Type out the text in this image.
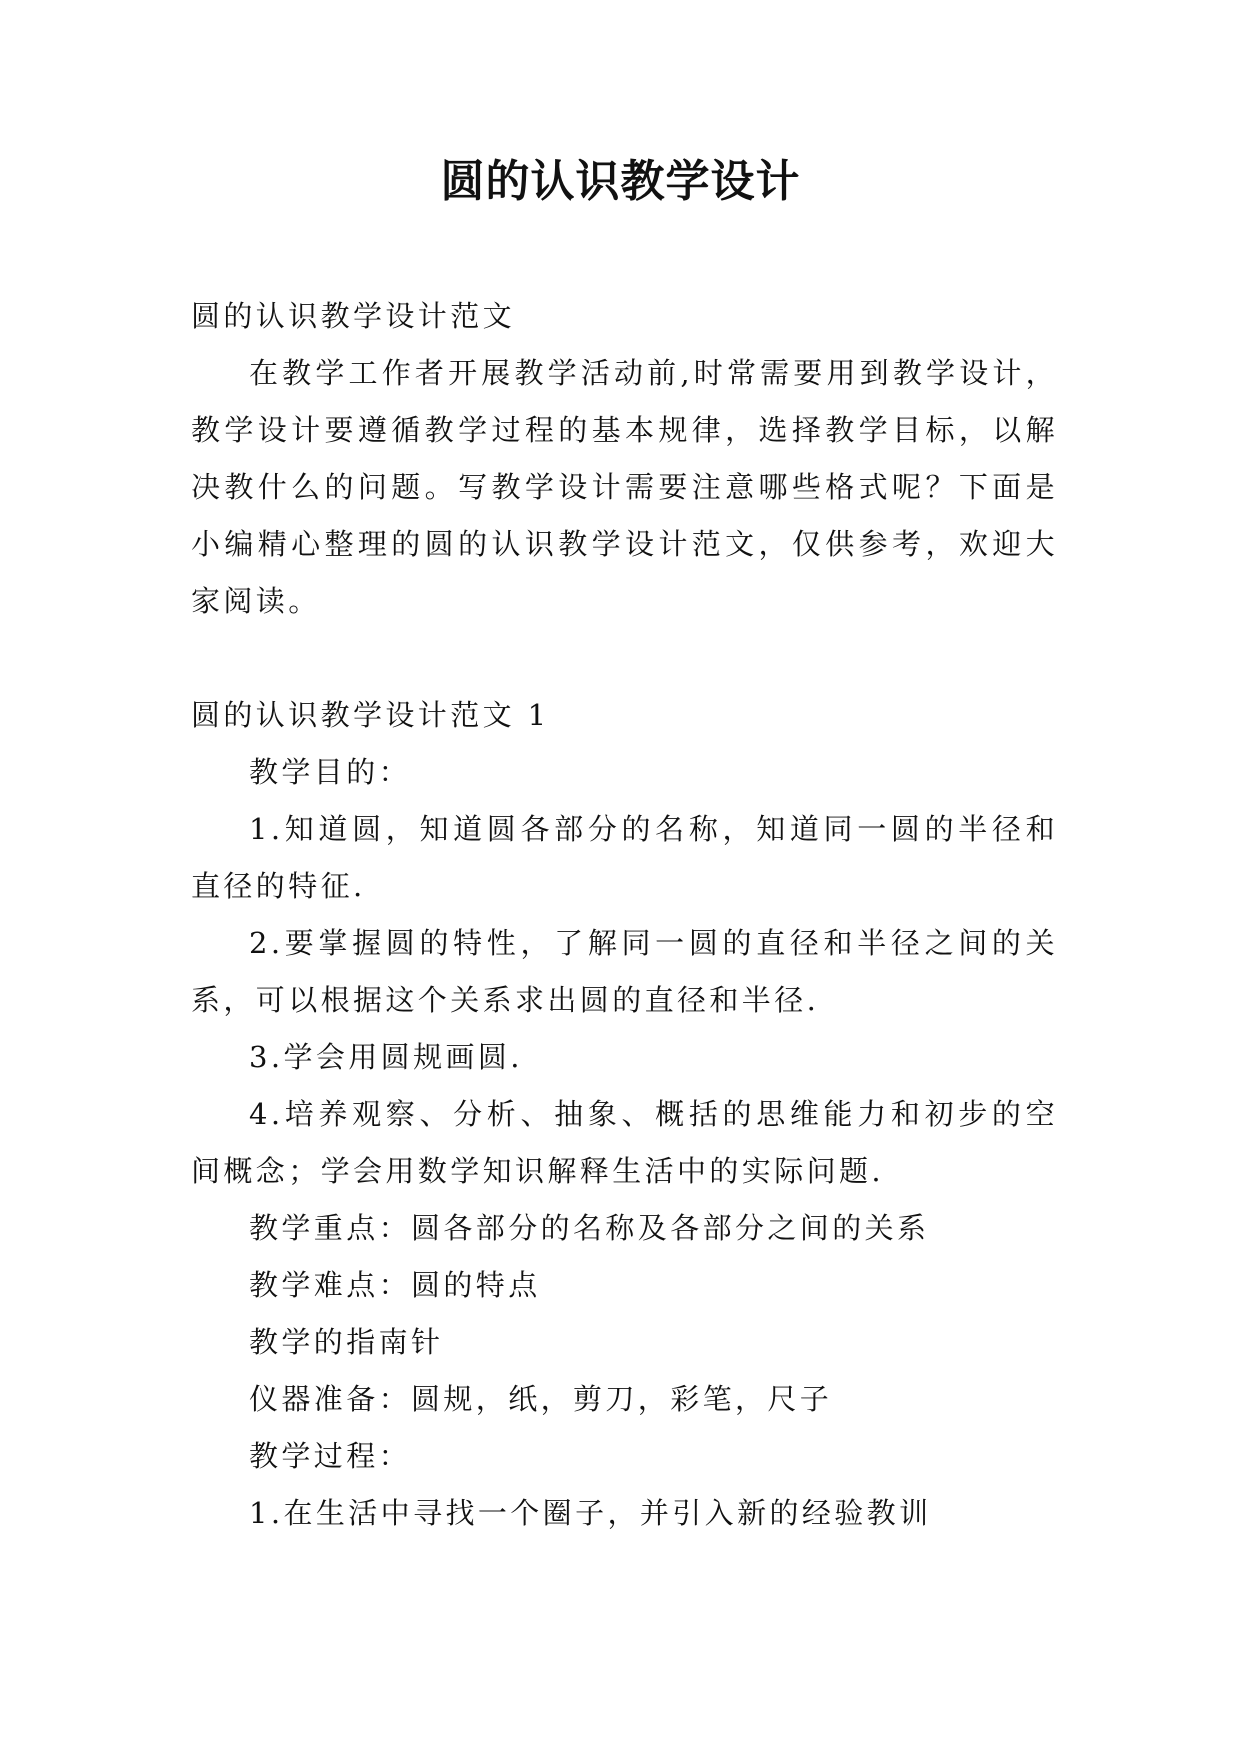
圆的认识教学设计

圆的认识教学设计范文

在教学工作者开展教学活动前,时常需要用到教学设计，教学设计要遵循教学过程的基本规律，选择教学目标，以解决教什么的问题。写教学设计需要注意哪些格式呢？下面是小编精心整理的圆的认识教学设计范文，仅供参考，欢迎大家阅读。

圆的认识教学设计范文 1

教学目的：

1.知道圆，知道圆各部分的名称，知道同一圆的半径和直径的特征.

2.要掌握圆的特性，了解同一圆的直径和半径之间的关系，可以根据这个关系求出圆的直径和半径.

3.学会用圆规画圆.

4.培养观察、分析、抽象、概括的思维能力和初步的空间概念；学会用数学知识解释生活中的实际问题.

教学重点：圆各部分的名称及各部分之间的关系

教学难点：圆的特点

教学的指南针

仪器准备：圆规，纸，剪刀，彩笔，尺子

教学过程：

1.在生活中寻找一个圈子，并引入新的经验教训
